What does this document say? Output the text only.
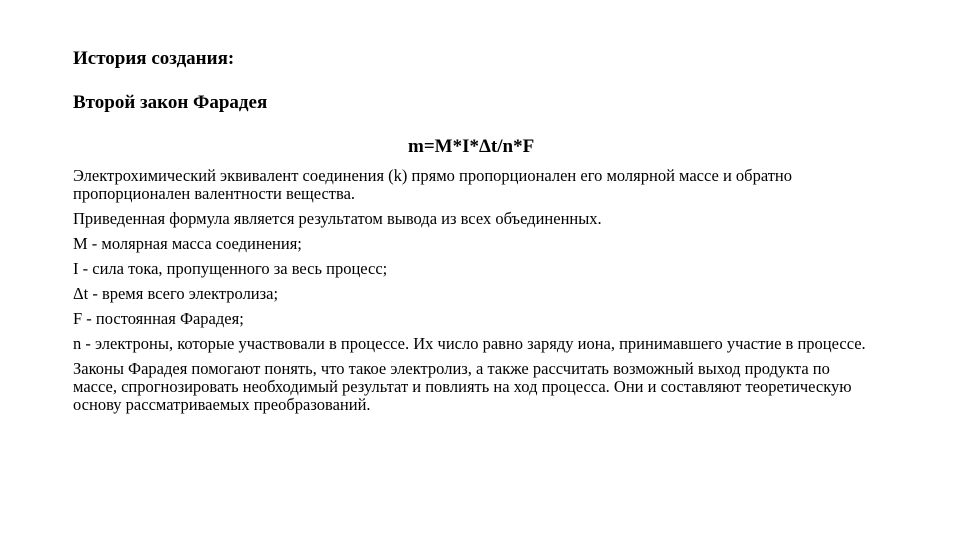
История создания:
Второй закон Фарадея
m=M*I*Δt/n*F

Электрохимический эквивалент соединения (k) прямо пропорционален его молярной массе и обратно пропорционален валентности вещества.

Приведенная формула является результатом вывода из всех объединенных.

M - молярная масса соединения;

I - сила тока, пропущенного за весь процесс;

Δt - время всего электролиза;

F - постоянная Фарадея;

n - электроны, которые участвовали в процессе. Их число равно заряду иона, принимавшего участие в процессе.

Законы Фарадея помогают понять, что такое электролиз, а также рассчитать возможный выход продукта по массе, спрогнозировать необходимый результат и повлиять на ход процесса. Они и составляют теоретическую основу рассматриваемых преобразований.
